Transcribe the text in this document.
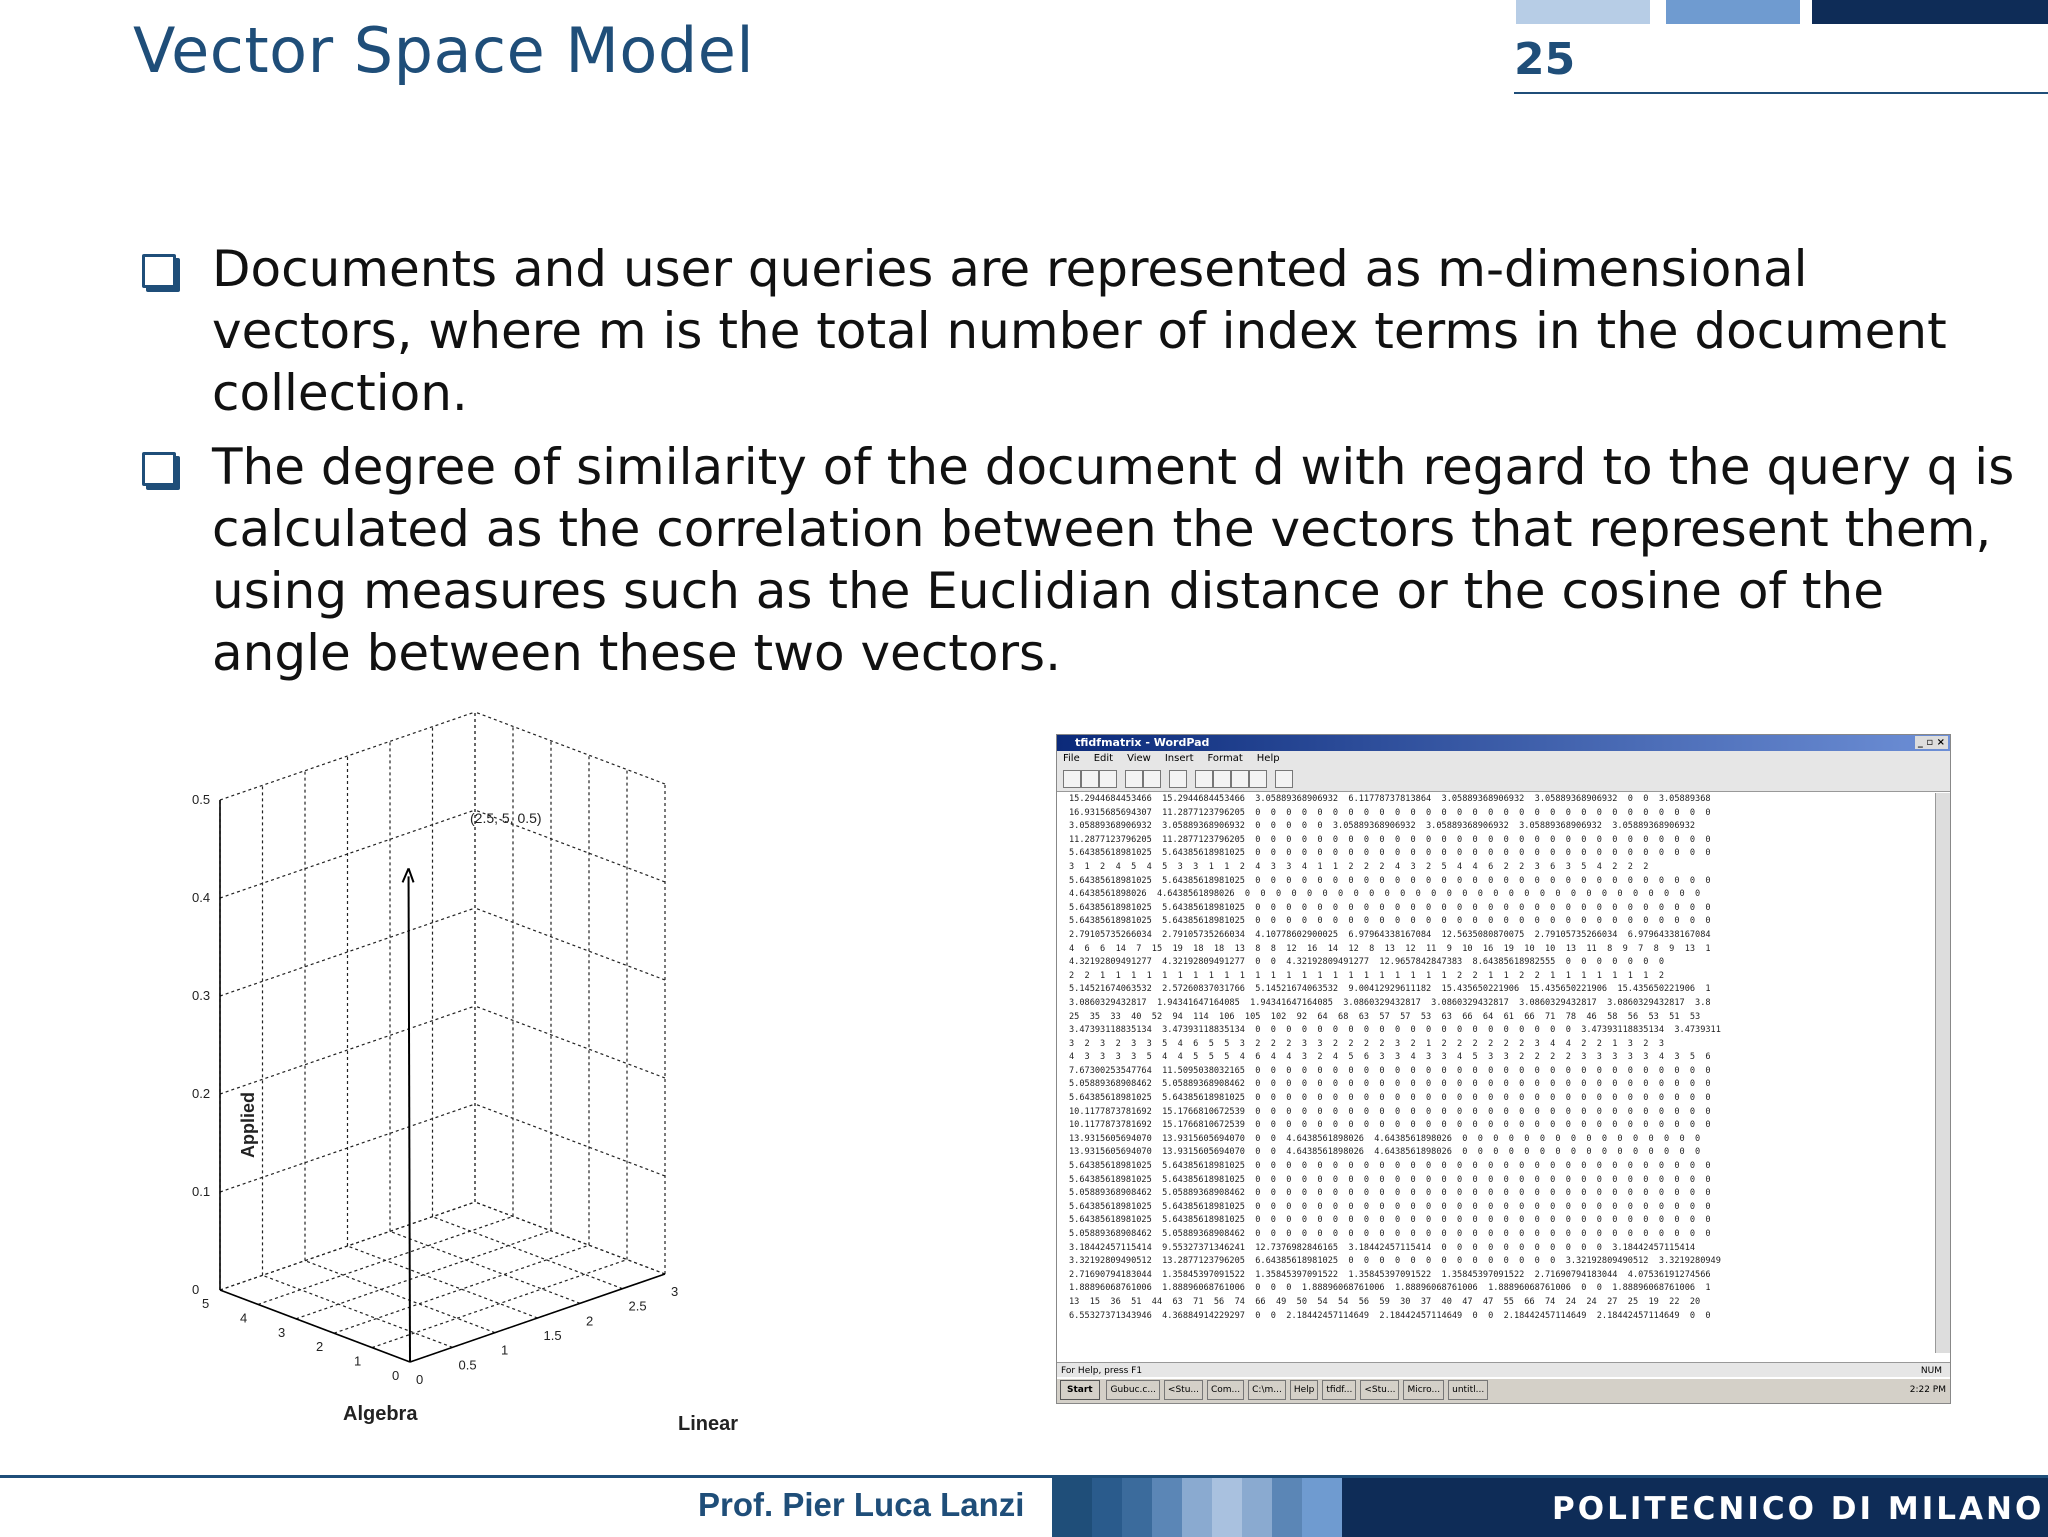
Vector Space Model	25
Documents and user queries are represented as m-dimensional vectors, where m is the total number of index terms in the document collection.
The degree of similarity of the document d with regard to the query q is calculated as the correlation between the vectors that represent them, using measures such as the Euclidian distance or the cosine of the angle between these two vectors.
0
0.1
0.2
0.3
0.4
0.5
5
4
3
2
1
0 0
0.5
1
1.5
2
2.5
3
(2.5, 5, 0.5)
Applied
Algebra	Linear
tfidfmatrix - WordPad	_ ▫ ×
File Edit View Insert Format Help
15.2944684453466  15.2944684453466  3.05889368906932  6.11778737813864  3.05889368906932  3.05889368906932  0  0  3.05889368
16.9315685694307  11.2877123796205  0  0  0  0  0  0  0  0  0  0  0  0  0  0  0  0  0  0  0  0  0  0  0  0  0  0  0  0  0  0
3.05889368906932  3.05889368906932  0  0  0  0  0  3.05889368906932  3.05889368906932  3.05889368906932  3.05889368906932
11.2877123796205  11.2877123796205  0  0  0  0  0  0  0  0  0  0  0  0  0  0  0  0  0  0  0  0  0  0  0  0  0  0  0  0  0  0
5.64385618981025  5.64385618981025  0  0  0  0  0  0  0  0  0  0  0  0  0  0  0  0  0  0  0  0  0  0  0  0  0  0  0  0  0  0
3  1  2  4  5  4  5  3  3  1  1  2  4  3  3  4  1  1  2  2  2  4  3  2  5  4  4  6  2  2  3  6  3  5  4  2  2  2
5.64385618981025  5.64385618981025  0  0  0  0  0  0  0  0  0  0  0  0  0  0  0  0  0  0  0  0  0  0  0  0  0  0  0  0  0  0
4.6438561898026  4.6438561898026  0  0  0  0  0  0  0  0  0  0  0  0  0  0  0  0  0  0  0  0  0  0  0  0  0  0  0  0  0  0
5.64385618981025  5.64385618981025  0  0  0  0  0  0  0  0  0  0  0  0  0  0  0  0  0  0  0  0  0  0  0  0  0  0  0  0  0  0
5.64385618981025  5.64385618981025  0  0  0  0  0  0  0  0  0  0  0  0  0  0  0  0  0  0  0  0  0  0  0  0  0  0  0  0  0  0
2.79105735266034  2.79105735266034  4.10778602900025  6.97964338167084  12.5635080870075  2.79105735266034  6.97964338167084
4  6  6  14  7  15  19  18  18  13  8  8  12  16  14  12  8  13  12  11  9  10  16  19  10  10  13  11  8  9  7  8  9  13  1
4.32192809491277  4.32192809491277  0  0  4.32192809491277  12.9657842847383  8.64385618982555  0  0  0  0  0  0  0
2  2  1  1  1  1  1  1  1  1  1  1  1  1  1  1  1  1  1  1  1  1  1  1  1  2  2  1  1  2  2  1  1  1  1  1  1  1  2
5.14521674063532  2.57260837031766  5.14521674063532  9.00412929611182  15.435650221906  15.435650221906  15.435650221906  1
3.0860329432817  1.94341647164085  1.94341647164085  3.0860329432817  3.0860329432817  3.0860329432817  3.0860329432817  3.8
25  35  33  40  52  94  114  106  105  102  92  64  68  63  57  57  53  63  66  64  61  66  71  78  46  58  56  53  51  53
3.47393118835134  3.47393118835134  0  0  0  0  0  0  0  0  0  0  0  0  0  0  0  0  0  0  0  0  0  3.47393118835134  3.4739311
3  2  3  2  3  3  5  4  6  5  5  3  2  2  2  3  3  2  2  2  2  3  2  1  2  2  2  2  2  2  3  4  4  2  2  1  3  2  3
4  3  3  3  3  5  4  4  5  5  5  4  6  4  4  3  2  4  5  6  3  3  4  3  3  4  5  3  3  2  2  2  2  3  3  3  3  3  4  3  5  6
7.67300253547764  11.5095038032165  0  0  0  0  0  0  0  0  0  0  0  0  0  0  0  0  0  0  0  0  0  0  0  0  0  0  0  0  0  0
5.05889368908462  5.05889368908462  0  0  0  0  0  0  0  0  0  0  0  0  0  0  0  0  0  0  0  0  0  0  0  0  0  0  0  0  0  0
5.64385618981025  5.64385618981025  0  0  0  0  0  0  0  0  0  0  0  0  0  0  0  0  0  0  0  0  0  0  0  0  0  0  0  0  0  0
10.1177873781692  15.1766810672539  0  0  0  0  0  0  0  0  0  0  0  0  0  0  0  0  0  0  0  0  0  0  0  0  0  0  0  0  0  0
10.1177873781692  15.1766810672539  0  0  0  0  0  0  0  0  0  0  0  0  0  0  0  0  0  0  0  0  0  0  0  0  0  0  0  0  0  0
13.9315605694070  13.9315605694070  0  0  4.6438561898026  4.6438561898026  0  0  0  0  0  0  0  0  0  0  0  0  0  0  0  0
13.9315605694070  13.9315605694070  0  0  4.6438561898026  4.6438561898026  0  0  0  0  0  0  0  0  0  0  0  0  0  0  0  0
5.64385618981025  5.64385618981025  0  0  0  0  0  0  0  0  0  0  0  0  0  0  0  0  0  0  0  0  0  0  0  0  0  0  0  0  0  0
5.64385618981025  5.64385618981025  0  0  0  0  0  0  0  0  0  0  0  0  0  0  0  0  0  0  0  0  0  0  0  0  0  0  0  0  0  0
5.05889368908462  5.05889368908462  0  0  0  0  0  0  0  0  0  0  0  0  0  0  0  0  0  0  0  0  0  0  0  0  0  0  0  0  0  0
5.64385618981025  5.64385618981025  0  0  0  0  0  0  0  0  0  0  0  0  0  0  0  0  0  0  0  0  0  0  0  0  0  0  0  0  0  0
5.64385618981025  5.64385618981025  0  0  0  0  0  0  0  0  0  0  0  0  0  0  0  0  0  0  0  0  0  0  0  0  0  0  0  0  0  0
5.05889368908462  5.05889368908462  0  0  0  0  0  0  0  0  0  0  0  0  0  0  0  0  0  0  0  0  0  0  0  0  0  0  0  0  0  0
3.18442457115414  9.55327371346241  12.7376982846165  3.18442457115414  0  0  0  0  0  0  0  0  0  0  0  3.18442457115414
3.32192809490512  13.2877123796205  6.64385618981025  0  0  0  0  0  0  0  0  0  0  0  0  0  0  3.32192809490512  3.3219280949
2.71690794183044  1.35845397091522  1.35845397091522  1.35845397091522  1.35845397091522  2.71690794183044  4.07536191274566
1.88896068761006  1.88896068761006  0  0  0  1.88896068761006  1.88896068761006  1.88896068761006  0  0  1.88896068761006  1
13  15  36  51  44  63  71  56  74  66  49  50  54  54  56  59  30  37  40  47  47  55  66  74  24  24  27  25  19  22  20
6.55327371343946  4.36884914229297  0  0  2.18442457114649  2.18442457114649  0  0  2.18442457114649  2.18442457114649  0  0
For Help, press F1	NUM
Start Gubuc.c... <Stu... Com... C:\m... Help tfidf... <Stu... Micro... untitl...	2:22 PM
Prof. Pier Luca Lanzi	POLITECNICO DI MILANO
